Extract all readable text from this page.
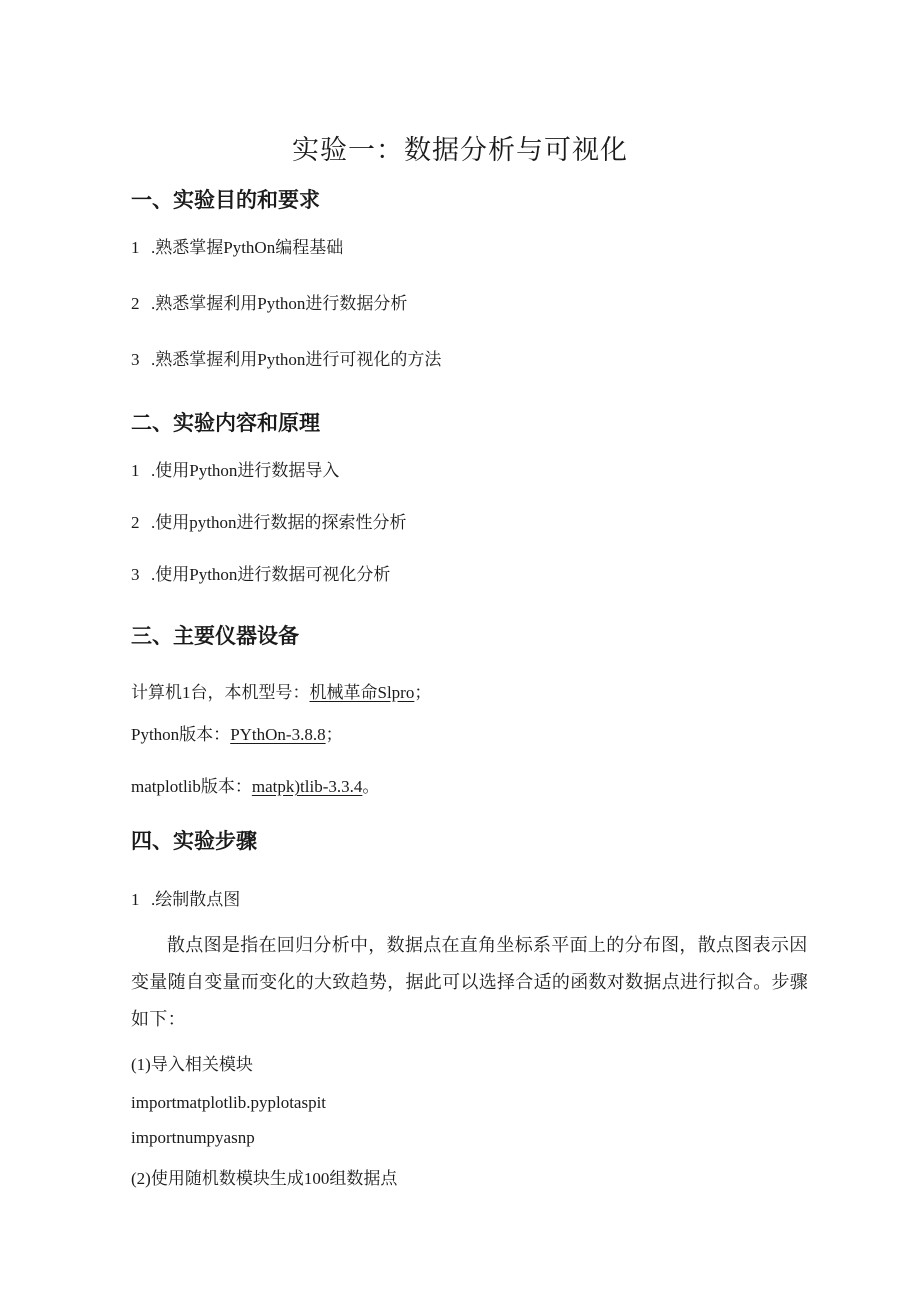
实验一：数据分析与可视化
一、实验目的和要求
1 .熟悉掌握PythOn编程基础
2 .熟悉掌握利用Python进行数据分析
3 .熟悉掌握利用Python进行可视化的方法
二、实验内容和原理
1 .使用Python进行数据导入
2 .使用python进行数据的探索性分析
3 .使用Python进行数据可视化分析
三、主要仪器设备
计算机1台，本机型号：机械革命Slpro；
Python版本：PYthOn-3.8.8；
matplotlib版本：matpk)tlib-3.3.4。
四、实验步骤
1 .绘制散点图
散点图是指在回归分析中，数据点在直角坐标系平面上的分布图，散点图表示因变量随自变量而变化的大致趋势，据此可以选择合适的函数对数据点进行拟合。步骤如下：
(1)导入相关模块
importmatplotlib.pyplotaspit
importnumpyasnp
(2)使用随机数模块生成100组数据点
